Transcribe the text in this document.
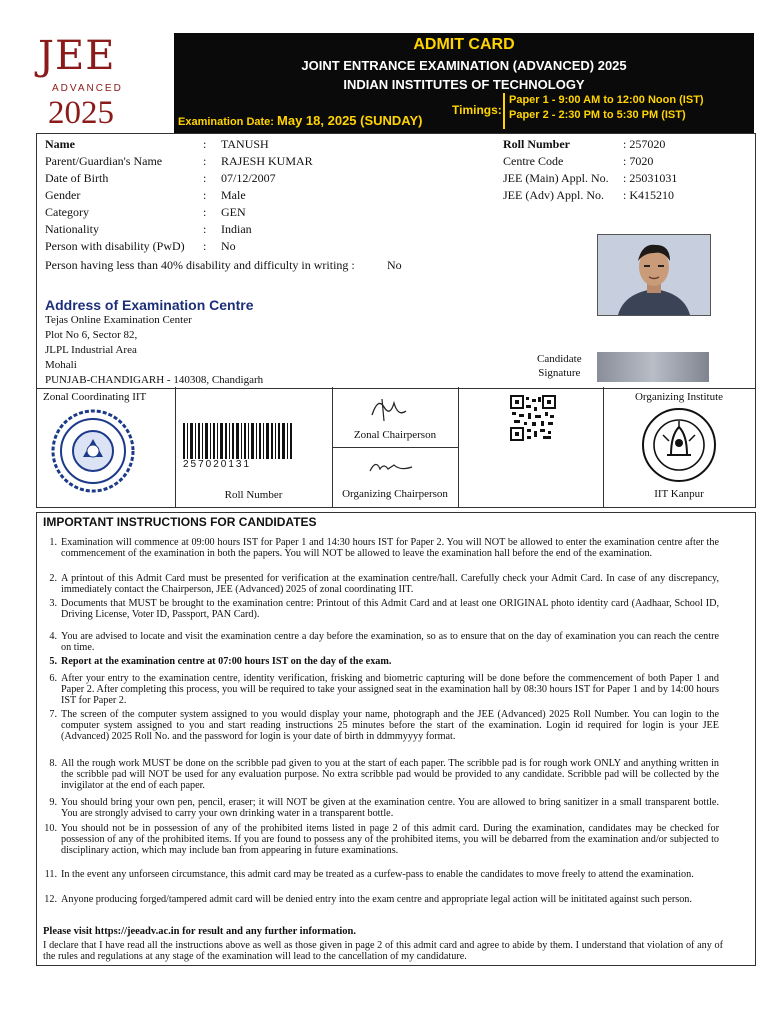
JEE
ADVANCED
2025
ADMIT CARD
JOINT ENTRANCE EXAMINATION (ADVANCED) 2025
INDIAN INSTITUTES OF TECHNOLOGY
Examination Date: May 18, 2025 (SUNDAY)
Timings:
Paper 1 - 9:00 AM to 12:00 Noon (IST)
Paper 2 - 2:30 PM to 5:30 PM (IST)
Name	: TANUSH
Parent/Guardian's Name	: RAJESH KUMAR
Date of Birth	: 07/12/2007
Gender	: Male
Category	: GEN
Nationality	: Indian
Person with disability (PwD) : No
Person having less than 40% disability and difficulty in writing :	No
Roll Number	: 257020
Centre Code	: 7020
JEE (Main) Appl. No. : 25031031
JEE (Adv) Appl. No. : K415210
Address of Examination Centre
Tejas Online Examination Center
Plot No 6, Sector 82,
JLPL Industrial Area
Mohali
PUNJAB-CHANDIGARH - 140308, Chandigarh
Candidate
Signature
Zonal Coordinating IIT
257020131
Roll Number
Zonal Chairperson
Organizing Chairperson
Organizing Institute
IIT Kanpur
IMPORTANT INSTRUCTIONS FOR CANDIDATES
1. Examination will commence at 09:00 hours IST for Paper 1 and 14:30 hours IST for Paper 2. You will NOT be allowed to enter the examination centre after the commencement of the examination in both the papers. You will NOT be allowed to leave the examination hall before the end of the examination.
2. A printout of this Admit Card must be presented for verification at the examination centre/hall. Carefully check your Admit Card. In case of any discrepancy, immediately contact the Chairperson, JEE (Advanced) 2025 of zonal coordinating IIT.
3. Documents that MUST be brought to the examination centre: Printout of this Admit Card and at least one ORIGINAL photo identity card (Aadhaar, School ID, Driving License, Voter ID, Passport, PAN Card).
4. You are advised to locate and visit the examination centre a day before the examination, so as to ensure that on the day of examination you can reach the centre on time.
5. Report at the examination centre at 07:00 hours IST on the day of the exam.
6. After your entry to the examination centre, identity verification, frisking and biometric capturing will be done before the commencement of both Paper 1 and Paper 2. After completing this process, you will be required to take your assigned seat in the examination hall by 08:30 hours IST for Paper 1 and by 14:00 hours IST for Paper 2.
7. The screen of the computer system assigned to you would display your name, photograph and the JEE (Advanced) 2025 Roll Number. You can login to the computer system assigned to you and start reading instructions 25 minutes before the start of the examination. Login id required for login is your JEE (Advanced) 2025 Roll No. and the password for login is your date of birth in ddmmyyyy format.
8. All the rough work MUST be done on the scribble pad given to you at the start of each paper. The scribble pad is for rough work ONLY and anything written in the scribble pad will NOT be used for any evaluation purpose. No extra scribble pad would be provided to any candidate. Scribble pad will be collected by the invigilator at the end of each paper.
9. You should bring your own pen, pencil, eraser; it will NOT be given at the examination centre. You are allowed to bring sanitizer in a small transparent bottle. You are strongly advised to carry your own drinking water in a transparent bottle.
10. You should not be in possession of any of the prohibited items listed in page 2 of this admit card. During the examination, candidates may be checked for possession of any of the prohibited items. If you are found to possess any of the prohibited items, you will be debarred from the examination and/or subjected to disciplinary action, which may include ban from appearing in future examinations.
11. In the event any unforseen circumstance, this admit card may be treated as a curfew-pass to enable the candidates to move freely to attend the examination.
12. Anyone producing forged/tampered admit card will be denied entry into the exam centre and appropriate legal action will be inititated against such person.
Please visit https://jeeadv.ac.in for result and any further information.
I declare that I have read all the instructions above as well as those given in page 2 of this admit card and agree to abide by them. I understand that violation of any of the rules and regulations at any stage of the examination will lead to the cancellation of my candidature.
